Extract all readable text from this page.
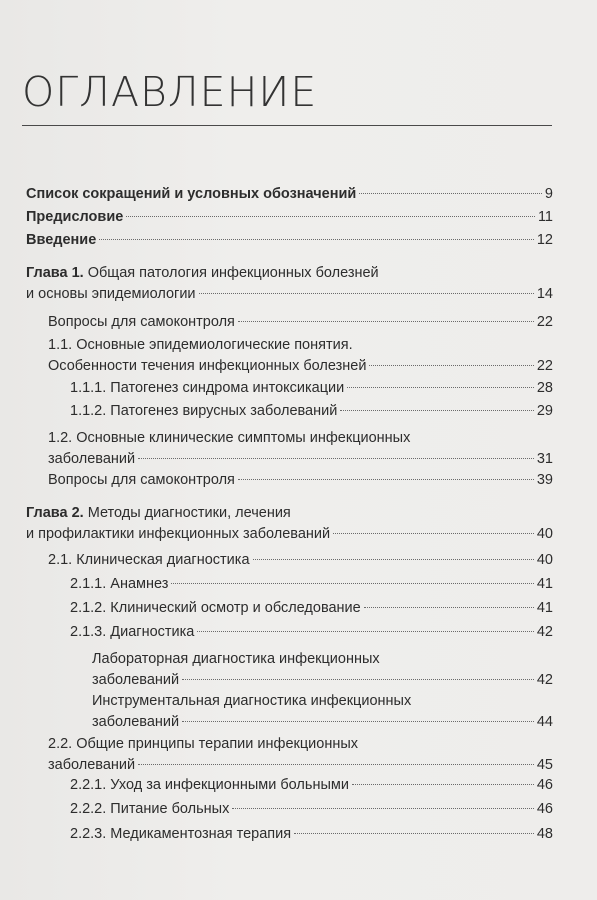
ОГЛАВЛЕНИЕ
Список сокращений и условных обозначений	9
Предисловие	11
Введение	12
Глава 1. Общая патология инфекционных болезней
и основы эпидемиологии	14
Вопросы для самоконтроля	22
1.1. Основные эпидемиологические понятия.
Особенности течения инфекционных болезней	22
1.1.1. Патогенез синдрома интоксикации	28
1.1.2. Патогенез вирусных заболеваний	29
1.2. Основные клинические симптомы инфекционных
заболеваний	31
Вопросы для самоконтроля	39
Глава 2. Методы диагностики, лечения
и профилактики инфекционных заболеваний	40
2.1. Клиническая диагностика	40
2.1.1. Анамнез	41
2.1.2. Клинический осмотр и обследование	41
2.1.3. Диагностика	42
Лабораторная диагностика инфекционных
заболеваний	42
Инструментальная диагностика инфекционных
заболеваний	44
2.2. Общие принципы терапии инфекционных
заболеваний	45
2.2.1. Уход за инфекционными больными	46
2.2.2. Питание больных	46
2.2.3. Медикаментозная терапия	48
